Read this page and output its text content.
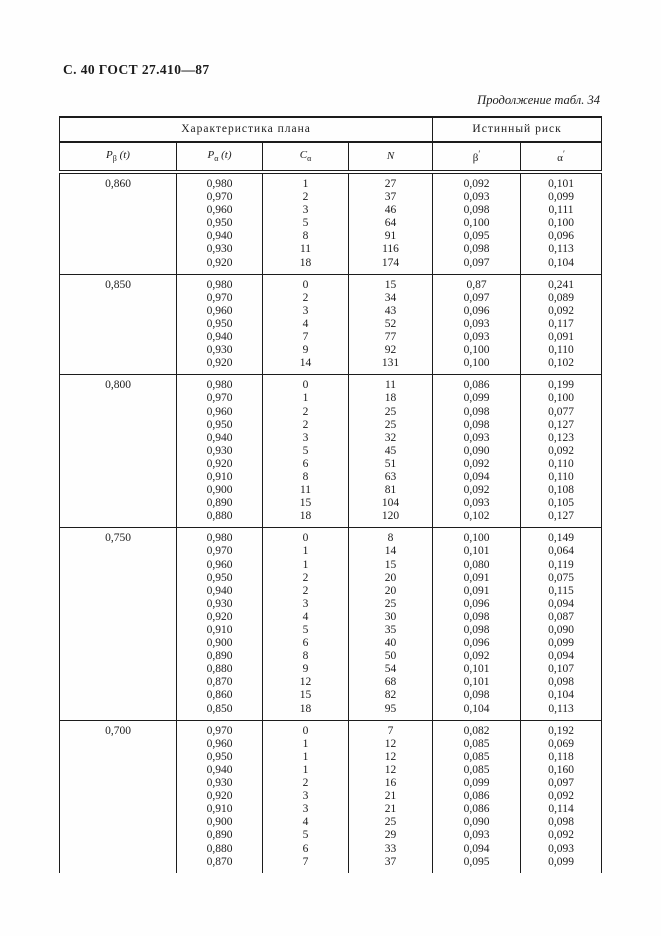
С. 40 ГОСТ 27.410—87
Продолжение табл. 34
Характеристика плана				Истинный риск	
$P_\beta$ (t)	$P_\alpha$ (t)	$C_\alpha$	N	β′	α′
0,860	0,980	1	27	0,092	0,101
	0,970	2	37	0,093	0,099
	0,960	3	46	0,098	0,111
	0,950	5	64	0,100	0,100
	0,940	8	91	0,095	0,096
	0,930	11	116	0,098	0,113
	0,920	18	174	0,097	0,104
0,850	0,980	0	15	0,87	0,241
	0,970	2	34	0,097	0,089
	0,960	3	43	0,096	0,092
	0,950	4	52	0,093	0,117
	0,940	7	77	0,093	0,091
	0,930	9	92	0,100	0,110
	0,920	14	131	0,100	0,102
0,800	0,980	0	11	0,086	0,199
	0,970	1	18	0,099	0,100
	0,960	2	25	0,098	0,077
	0,950	2	25	0,098	0,127
	0,940	3	32	0,093	0,123
	0,930	5	45	0,090	0,092
	0,920	6	51	0,092	0,110
	0,910	8	63	0,094	0,110
	0,900	11	81	0,092	0,108
	0,890	15	104	0,093	0,105
	0,880	18	120	0,102	0,127
0,750	0,980	0	8	0,100	0,149
	0,970	1	14	0,101	0,064
	0,960	1	15	0,080	0,119
	0,950	2	20	0,091	0,075
	0,940	2	20	0,091	0,115
	0,930	3	25	0,096	0,094
	0,920	4	30	0,098	0,087
	0,910	5	35	0,098	0,090
	0,900	6	40	0,096	0,099
	0,890	8	50	0,092	0,094
	0,880	9	54	0,101	0,107
	0,870	12	68	0,101	0,098
	0,860	15	82	0,098	0,104
	0,850	18	95	0,104	0,113
0,700	0,970	0	7	0,082	0,192
	0,960	1	12	0,085	0,069
	0,950	1	12	0,085	0,118
	0,940	1	12	0,085	0,160
	0,930	2	16	0,099	0,097
	0,920	3	21	0,086	0,092
	0,910	3	21	0,086	0,114
	0,900	4	25	0,090	0,098
	0,890	5	29	0,093	0,092
	0,880	6	33	0,094	0,093
	0,870	7	37	0,095	0,099
